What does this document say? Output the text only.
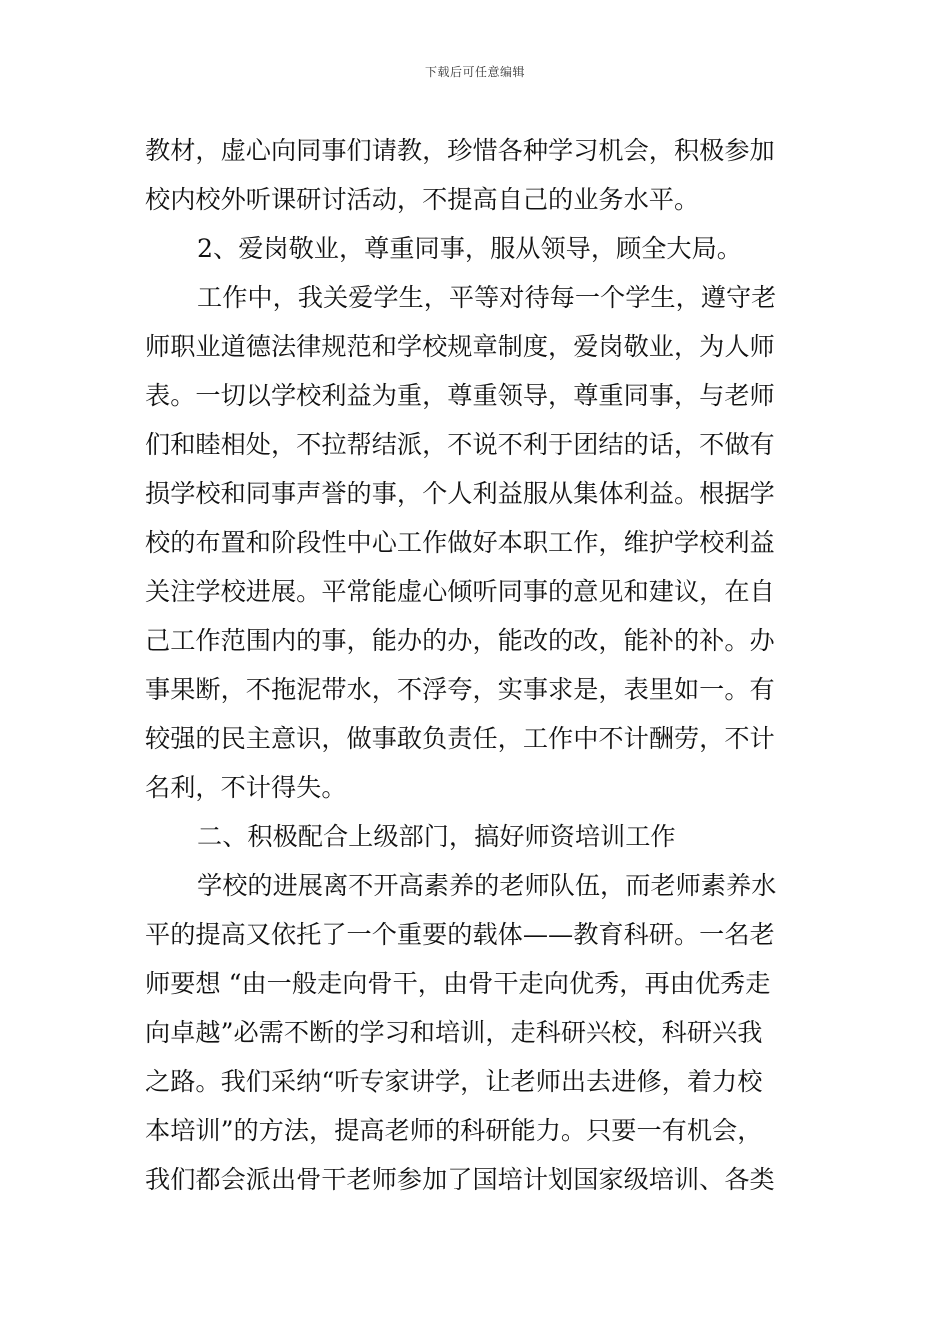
下载后可任意编辑
教材，虚心向同事们请教，珍惜各种学习机会，积极参加
校内校外听课研讨活动，不提高自己的业务水平。
2、爱岗敬业，尊重同事，服从领导，顾全大局。
工作中，我关爱学生，平等对待每一个学生，遵守老
师职业道德法律规范和学校规章制度，爱岗敬业，为人师
表。一切以学校利益为重，尊重领导，尊重同事，与老师
们和睦相处，不拉帮结派，不说不利于团结的话，不做有
损学校和同事声誉的事，个人利益服从集体利益。根据学
校的布置和阶段性中心工作做好本职工作，维护学校利益
关注学校进展。平常能虚心倾听同事的意见和建议，在自
己工作范围内的事，能办的办，能改的改，能补的补。办
事果断，不拖泥带水，不浮夸，实事求是，表里如一。有
较强的民主意识，做事敢负责任，工作中不计酬劳，不计
名利，不计得失。
二、积极配合上级部门，搞好师资培训工作
学校的进展离不开高素养的老师队伍，而老师素养水
平的提高又依托了一个重要的载体——教育科研。一名老
师要想 “由一般走向骨干，由骨干走向优秀，再由优秀走
向卓越”必需不断的学习和培训，走科研兴校，科研兴我
之路。我们采纳“听专家讲学，让老师出去进修，着力校
本培训”的方法，提高老师的科研能力。只要一有机会，
我们都会派出骨干老师参加了国培计划国家级培训、各类
